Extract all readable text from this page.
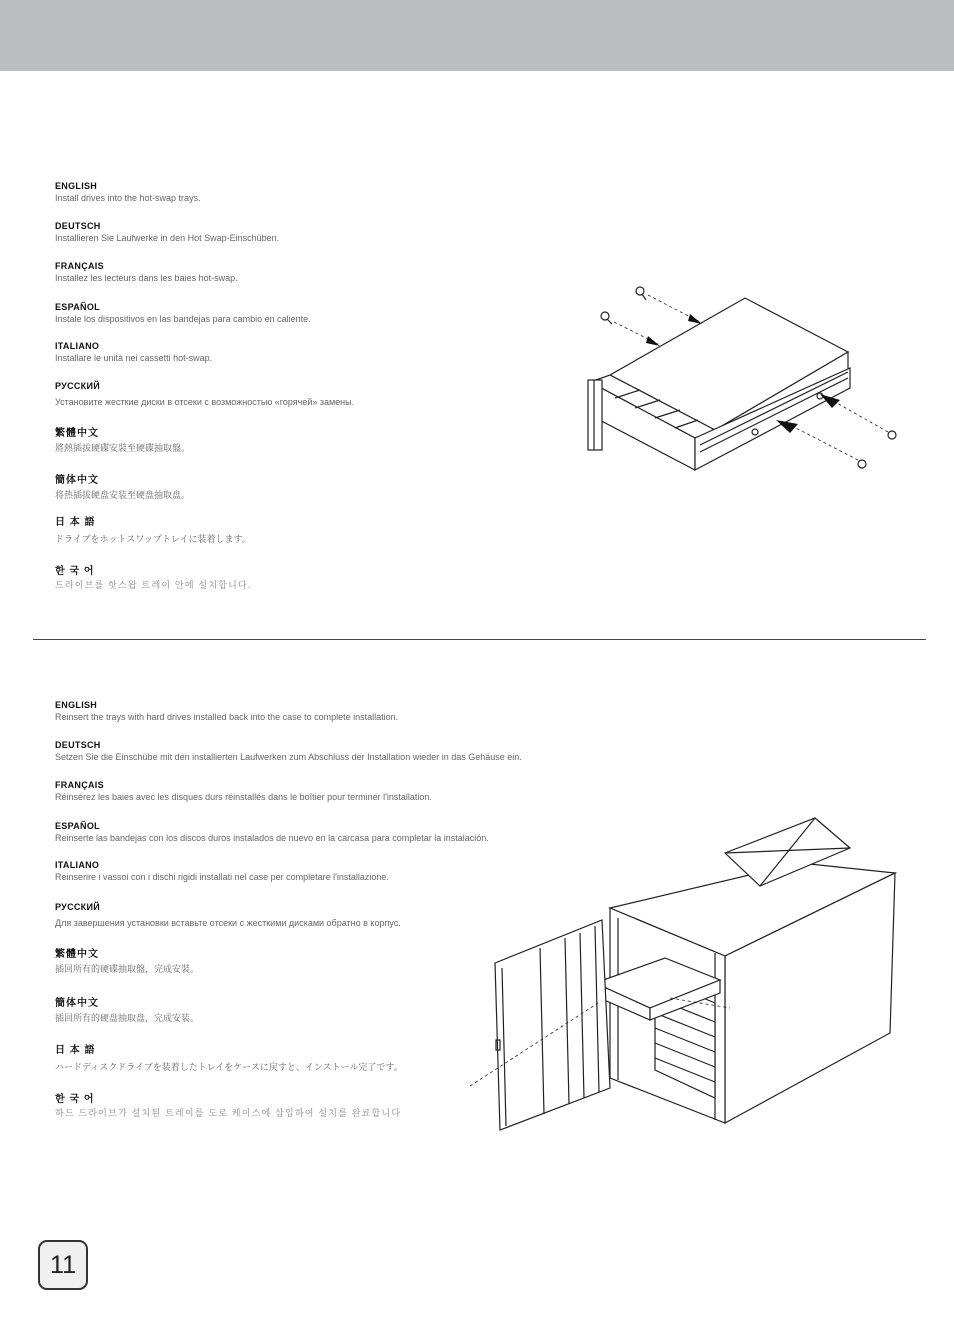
ENGLISH
Install drives into the hot-swap trays.
DEUTSCH
Installieren Sie Laufwerke in den Hot Swap-Einschüben.
FRANÇAIS
Installez les lecteurs dans les baies hot-swap.
ESPAÑOL
Instale los dispositivos en las bandejas para cambio en caliente.
ITALIANO
Installare le unità nei cassetti hot-swap.
РУССКИЙ
Установите жесткие диски в отсеки с возможностью «горячей» замены.
繁體中文
將熱插拔硬碟安裝至硬碟抽取盤。
簡体中文
将热插拔硬盘安装至硬盘抽取盘。
日 本 語
ドライブをホットスワップトレイに装着します。
한 국 어
드라이브를 핫스왑 트레이 안에 설치합니다.
ENGLISH
Reinsert the trays with hard drives installed back into the case to complete installation.
DEUTSCH
Setzen Sie die Einschübe mit den installierten Laufwerken zum Abschluss der Installation wieder in das Gehäuse ein.
FRANÇAIS
Réinsérez les baies avec les disques durs réinstallés dans le boîtier pour terminer l'installation.
ESPAÑOL
Reinserte las bandejas con los discos duros instalados de nuevo en la carcasa para completar la instalación.
ITALIANO
Reinserire i vassoi con i dischi rigidi installati nel case per completare l'installazione.
РУССКИЙ
Для завершения установки вставьте отсеки с жесткими дисками обратно в корпус.
繁體中文
插回所有的硬碟抽取盤，完成安裝。
簡体中文
插回所有的硬盘抽取盘，完成安装。
日 本 語
ハードディスクドライブを装着したトレイをケースに戻すと、インストール完了です。
한 국 어
하드 드라이브가 설치된 트레이를 도로 케이스에 삽입하여 설치를 완료합니다
11
